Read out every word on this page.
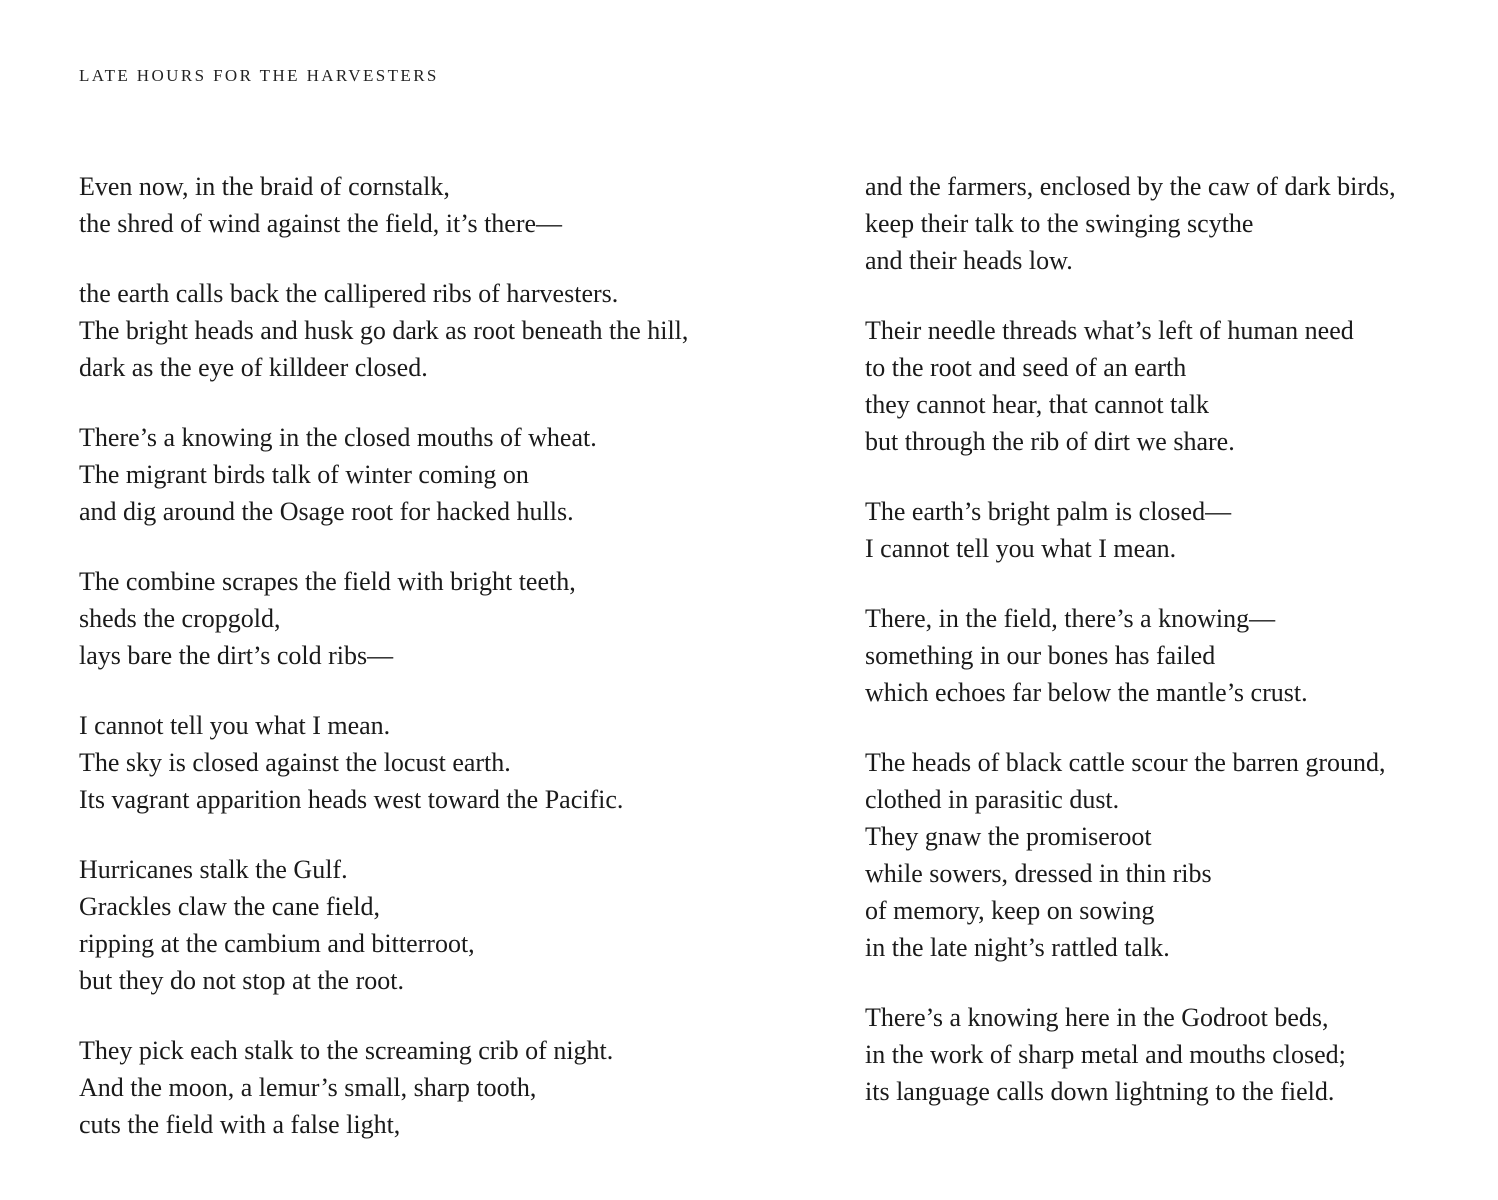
LATE HOURS FOR THE HARVESTERS
Even now, in the braid of cornstalk,
the shred of wind against the field, it’s there—
the earth calls back the callipered ribs of harvesters.
The bright heads and husk go dark as root beneath the hill,
dark as the eye of killdeer closed.
There’s a knowing in the closed mouths of wheat.
The migrant birds talk of winter coming on
and dig around the Osage root for hacked hulls.
The combine scrapes the field with bright teeth,
sheds the cropgold,
lays bare the dirt’s cold ribs—
I cannot tell you what I mean.
The sky is closed against the locust earth.
Its vagrant apparition heads west toward the Pacific.
Hurricanes stalk the Gulf.
Grackles claw the cane field,
ripping at the cambium and bitterroot,
but they do not stop at the root.
They pick each stalk to the screaming crib of night.
And the moon, a lemur’s small, sharp tooth,
cuts the field with a false light,
and the farmers, enclosed by the caw of dark birds,
keep their talk to the swinging scythe
and their heads low.
Their needle threads what’s left of human need
to the root and seed of an earth
they cannot hear, that cannot talk
but through the rib of dirt we share.
The earth’s bright palm is closed—
I cannot tell you what I mean.
There, in the field, there’s a knowing—
something in our bones has failed
which echoes far below the mantle’s crust.
The heads of black cattle scour the barren ground,
clothed in parasitic dust.
They gnaw the promiseroot
while sowers, dressed in thin ribs
of memory, keep on sowing
in the late night’s rattled talk.
There’s a knowing here in the Godroot beds,
in the work of sharp metal and mouths closed;
its language calls down lightning to the field.
